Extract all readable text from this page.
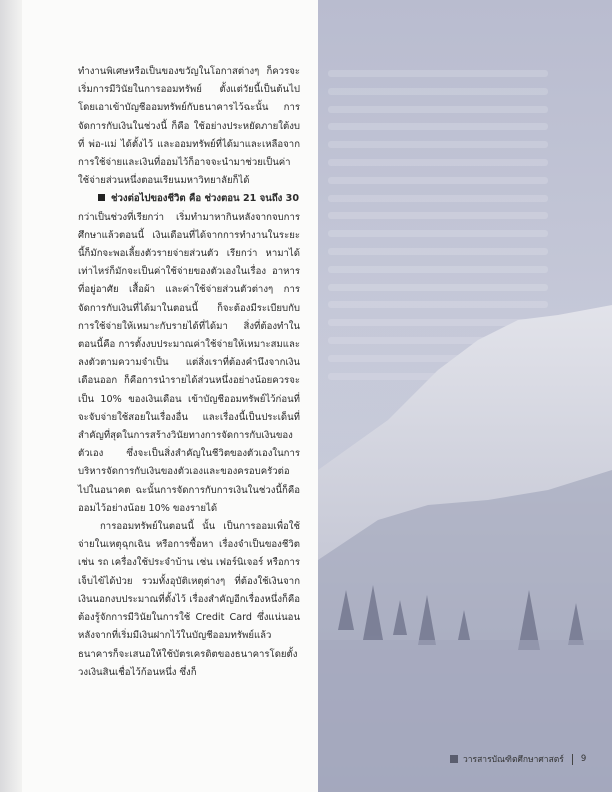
ทำงานพิเศษหรือเป็นของขวัญในโอกาสต่างๆ ก็ควรจะเริ่มการมีวินัยในการออมทรัพย์ ตั้งแต่วัยนี้เป็นต้นไป โดยเอาเข้าบัญชีออมทรัพย์กับธนาคารไว้ฉะนั้น การจัดการกับเงินในช่วงนี้ ก็คือ ใช้อย่างประหยัดภายใต้งบที่ พ่อ-แม่ ได้ตั้งไว้ และออมทรัพย์ที่ได้มาและเหลือจากการใช้จ่ายและเงินที่ออมไว้ก็อาจจะนำมาช่วยเป็นค่าใช้จ่ายส่วนหนึ่งตอนเรียนมหาวิทยาลัยก็ได้

ช่วงต่อไปของชีวิต คือ ช่วงตอน 21 จนถึง 30

กว่าเป็นช่วงที่เรียกว่า เริ่มทำมาหากินหลังจากจบการศึกษาแล้วตอนนี้ เงินเดือนที่ได้จากการทำงานในระยะนี้ก็มักจะพอเลี้ยงตัวรายจ่ายส่วนตัว เรียกว่า หามาได้เท่าไหร่ก็มักจะเป็นค่าใช้จ่ายของตัวเองในเรื่อง อาหาร ที่อยู่อาศัย เสื้อผ้า และค่าใช้จ่ายส่วนตัวต่างๆ การจัดการกับเงินที่ได้มาในตอนนี้ ก็จะต้องมีระเบียบกับการใช้จ่ายให้เหมาะกับรายได้ที่ได้มา สิ่งที่ต้องทำในตอนนี้คือ การตั้งงบประมาณค่าใช้จ่ายให้เหมาะสมและลงตัวตามความจำเป็น แต่สิ่งเราที่ต้องคำนึงจากเงินเดือนออก ก็คือการนำรายได้ส่วนหนึ่งอย่างน้อยควรจะเป็น 10% ของเงินเดือน เข้าบัญชีออมทรัพย์ไว้ก่อนที่จะจับจ่ายใช้สอยในเรื่องอื่น และเรื่องนี้เป็นประเด็นที่สำคัญที่สุดในการสร้างวินัยทางการจัดการกับเงินของตัวเอง ซึ่งจะเป็นสิ่งสำคัญในชีวิตของตัวเองในการบริหารจัดการกับเงินของตัวเองและของครอบครัวต่อไปในอนาคต ฉะนั้นการจัดการกับการเงินในช่วงนี้ก็คือ ออมไว้อย่างน้อย 10% ของรายได้

การออมทรัพย์ในตอนนี้ นั้น เป็นการออมเพื่อใช้จ่ายในเหตุฉุกเฉิน หรือการซื้อหา เรื่องจำเป็นของชีวิต เช่น รถ เครื่องใช้ประจำบ้าน เช่น เฟอร์นิเจอร์ หรือการเจ็บไข้ได้ป่วย รวมทั้งอุบัติเหตุต่างๆ ที่ต้องใช้เงินจากเงินนอกงบประมาณที่ตั้งไว้ เรื่องสำคัญอีกเรื่องหนึ่งก็คือ ต้องรู้จักการมีวินัยในการใช้ Credit Card ซึ่งแน่นอน หลังจากที่เริ่มมีเงินฝากไว้ในบัญชีออมทรัพย์แล้ว ธนาคารก็จะเสนอให้ใช้บัตรเครดิตของธนาคารโดยตั้งวงเงินสินเชื่อไว้ก้อนหนึ่ง ซึ่งก็

วารสารบัณฑิตศึกษาศาสตร์ 9
